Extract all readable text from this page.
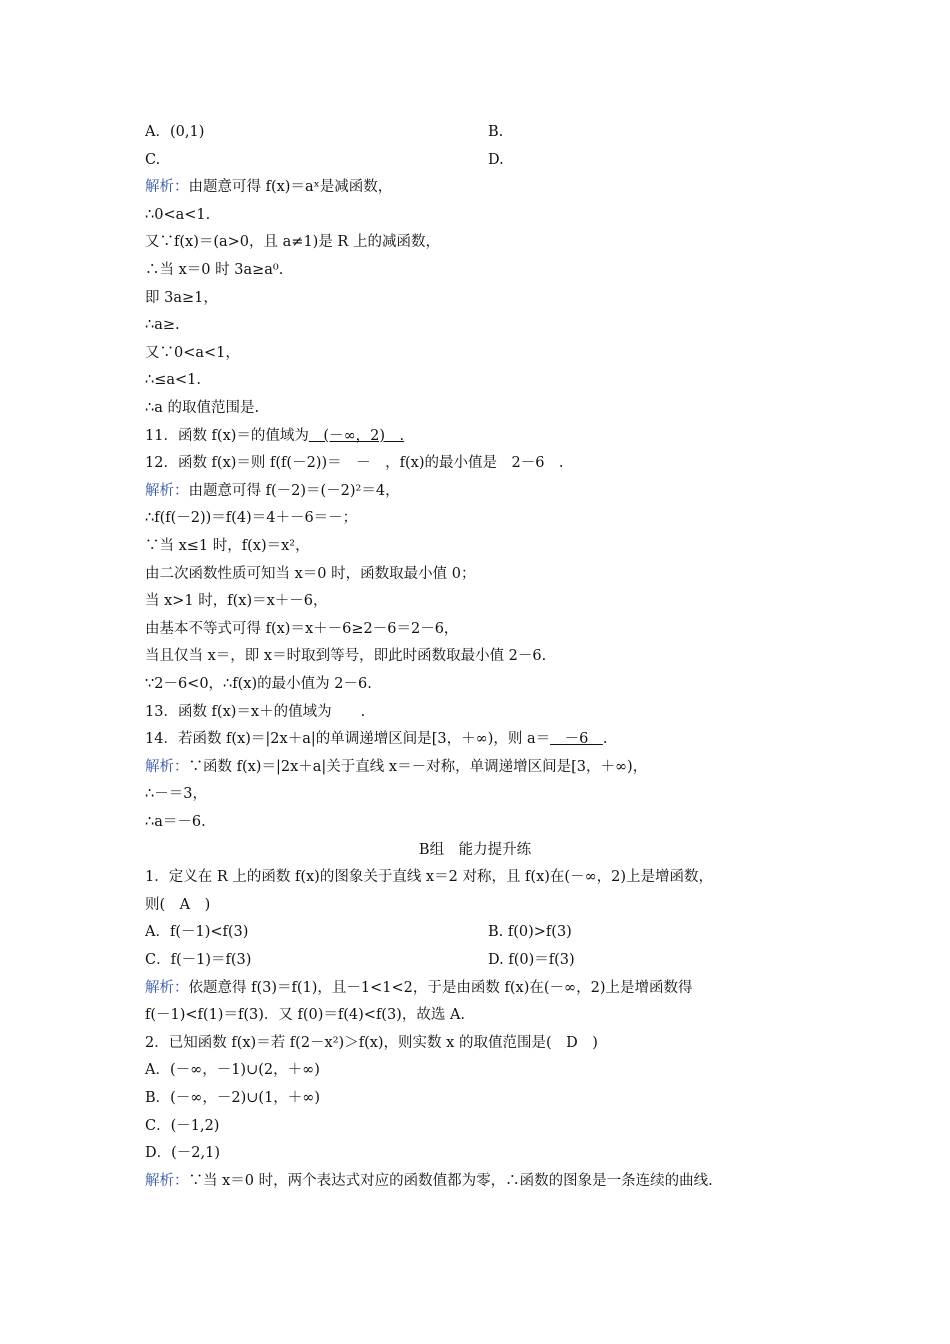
A．(0,1)	B.
C.	D.
解析：由题意可得 f(x)＝aˣ是减函数，
∴0<a<1.
又∵f(x)＝(a>0，且 a≠1)是 R 上的减函数，
∴当 x＝0 时 3a≥a⁰.
即 3a≥1，
∴a≥.
又∵0<a<1，
∴≤a<1.
∴a 的取值范围是.
11．函数 f(x)＝的值域为　(－∞，2)　.
12．函数 f(x)＝则 f(f(－2))＝　－　，f(x)的最小值是　2－6　.
解析：由题意可得 f(－2)＝(－2)²＝4，
∴f(f(－2))＝f(4)＝4＋－6＝－；
∵当 x≤1 时，f(x)＝x²，
由二次函数性质可知当 x＝0 时，函数取最小值 0；
当 x>1 时，f(x)＝x＋－6，
由基本不等式可得 f(x)＝x＋－6≥2－6＝2－6，
当且仅当 x＝，即 x＝时取到等号，即此时函数取最小值 2－6.
∵2－6<0，∴f(x)的最小值为 2－6.
13．函数 f(x)＝x＋的值域为　　.
14．若函数 f(x)＝|2x＋a|的单调递增区间是[3，＋∞)，则 a＝　－6　.
解析：∵函数 f(x)＝|2x＋a|关于直线 x＝－对称，单调递增区间是[3，＋∞)，
∴－＝3，
∴a＝－6.
B组　能力提升练
1．定义在 R 上的函数 f(x)的图象关于直线 x＝2 对称，且 f(x)在(－∞，2)上是增函数，
则(　A　)
A．f(－1)<f(3)	B. f(0)>f(3)
C．f(－1)＝f(3)	D. f(0)＝f(3)
解析：依题意得 f(3)＝f(1)，且－1<1<2，于是由函数 f(x)在(－∞，2)上是增函数得
f(－1)<f(1)＝f(3)．又 f(0)＝f(4)<f(3)，故选 A.
2．已知函数 f(x)＝若 f(2－x²)＞f(x)，则实数 x 的取值范围是(　D　)
A．(－∞，－1)∪(2，＋∞)
B．(－∞，－2)∪(1，＋∞)
C．(－1,2)
D．(－2,1)
解析：∵当 x＝0 时，两个表达式对应的函数值都为零，∴函数的图象是一条连续的曲线.
